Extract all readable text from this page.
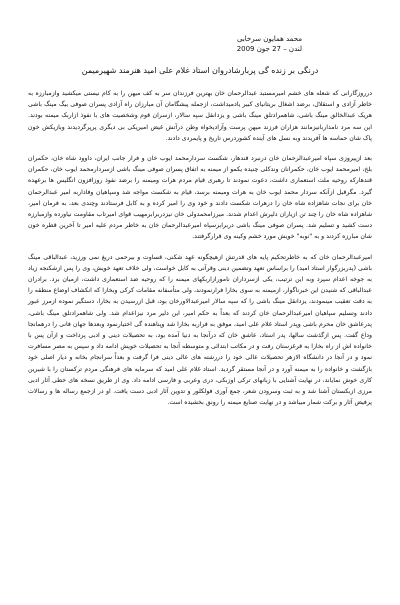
محمد همایون سرخابی
لندن – 27 جون 2009
درنگی بر زنده گی پربارشادروان استاد غلام علی امید هنرمند شهیرمیمن

درروزگارانی که شعله های خشم امیرمستبد عبدالرحمان خان بهترین فرزندان سر به کف میهن را به کام نیستی میکشید وازمبارزه به خاطر آزادی و استقلال، برضد اشغال بریتانیای کبیر یادمیداشت، ازجمله پیشگامان آن مبارزان راه آزادی پسران صوفی بیگ مینگ باشی هریک عبدالخالق مینگ باشی، شاهمرادتلق مینگ باشی و یزدانقل سپه سالار، ازسران قوم وشخصیت های با نفوذ ازاربک میمنه بودند. این سه مرد نامداربانیزمانند هزاران فرزند میهن پرست وآزادیخواه وطن درآتش غیض امیرپکی بی دیگری پرپرگردیدند وبازیکش خون پاک شان حماسه ها آفریدند وبه نسل های آینده کشوردرس تاریخ و پایمردی دادند.

بعد ازپیروزی سپاه امیرعبدالرحمان خان درنبرد قندهار، شکست سردارمحمد ایوب خان و فرار جانب ایران، داوود شاه خان، حکمران بلخ، امیرمحمد ایوب خان، حکمرانان وندکلی چنیده یکمو از میمنه به اتفاق پسران صوفی مینگ باشی ازسردارمحمد ایوب خان، حکمران قندهارکه روحیه ملت استعماری داشت، دعوت نمودند تا رهبری قیام مردم هرات ومیمنه را برضد نفوذ روزافزون انگلیس ها برعهده گیرد. مگرقبل ازآنکه سردار محمد ایوب خان به هرات ومیمنه برسد، قیام به شکست مواجه شد وسپاهیان وفاداربه امیر عبدالرحمان خان برای نجات شاهزاده شاه خان را درهرات شکست دادند و خود وی را امیر کرده و به کابل فرستادند وچندی بعد، به فرمان امیر، شاهزاده شاه خان را چند تن ازیاران دلیرش اعدام شدند. میرزامحمدولی خان نیزدربرابرمهیب قوای امیرتاب مقاومت نیاورده وازمبارزه دست کشید و تسلیم شد. پسران صوفی مینگ باشی دربرابرسپاه امیرعبدالرحمان خان به خاطر مردم علیه امیر تا آخرین قطره خون شان مبارزه کردند و به "نوبه" خویش مورد خشم وکینه وی قرارگرفتند.

امیرعبدالرحمان خان که به خاطرتحکیم پایه های قدرتش ازهیچگونه عهد شکنی، قساوت و بیرحمی دریغ نمی ورزید، عبدالباقی مینگ باشی (پدربزرگوار استاد امید) را براساس تعهد وتضمین دینی وقرآنی به کابل خواست، ولی خلاف تعهد خویش، وی را پس ازشکنجه زیاد به جوخه اعدام سپرد وبه این ترتیب، یکی ازسرداران نامورازاربکهای میمنه را که روحیه ضد استعماری داشت، ازمیان برد. برادران عبدالباقی که شنیدن این خبرناگوار، ازمیمنه به سوی بخارا فرارنمودند، ولی متأسفانه مقامات کرکی وبخارا که انکشاف اوضاع منطقه را به دقت تعقیب مینمودند، یزدانقل مینگ باشی را که سپه سالار امیرعبدالاورخان بود، قبل ازرسیدن به بخارا، دستگیر نموده ازمرز عبور دادند وتسلیم سپاهیان امیرعبدالرحمان خان کردند که بعداً به حکم امیر، این دلیر مرد نیزاعدام شد. ولی شاهمرادتلق مینگ باشی، پدرعاشق خان محرم باشی وپدر استاد غلام علی امید، موفق به فراربه بخارا شد وپناهنده گی اختیارنمود وبعدها جهان فانی را درهمانجا وداع گفت. پس ازگذشت سالها، پدر استاد، عاشق خان که درآنجا به دنیا آمده بود، به تحصیلات دینی و ادبی پرداخت و ازآن پس با خانواده اش از راه بخارا به قرغزستان رفت و در مکاتب ابتدائی و متوسطه آنجا به تحصیلات خویش ادامه داد و سپس به مصر مسافرت نمود و در آنجا در دانشگاه الازهر تحصیلات عالی خود را دررشته های عالی دینی فرا گرفت و بعداً سرانجام بخانه و دیار اصلی خود بازگشت و خانواده را به میمنه آورد و در آنجا مستقر گردید. استاد غلام علی امید که سرمایه های فرهنگی مردم ترکستان را با شیرین کاری خوش نمایاند، در نهایت آشنایی با زبانهای ترکی اوزبکی، دری وعربی و فارسی ادامه داد. وی از طریق نسخه های خطی آثار ادبی مرزی ازبکستان آشنا شد و به ثبت وسرودن شعر، جمع آوری فولکلور و تدوین آثار ادبی دست یافت. او در ازجمع رساله ها و رسالات پرفیض آثار و برکت شمار میباشد و در نهایت صنایع میمنه را رونق بخشیده است.
